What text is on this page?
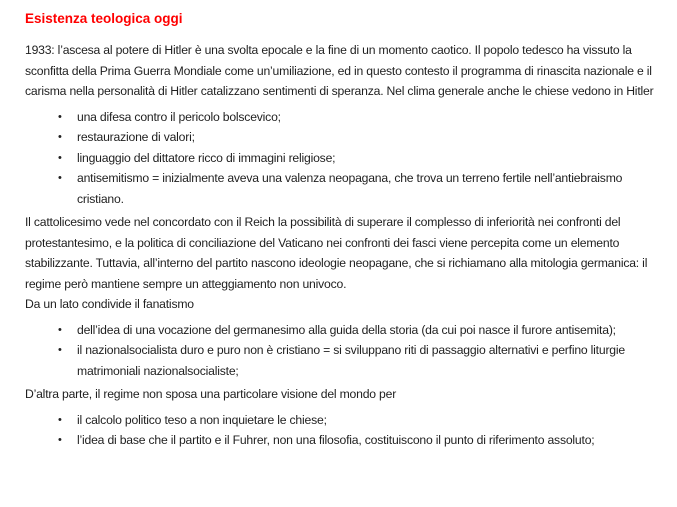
Esistenza teologica oggi

1933: l’ascesa al potere di Hitler è una svolta epocale e la fine di un momento caotico. Il popolo tedesco ha vissuto la sconfitta della Prima Guerra Mondiale come un’umiliazione, ed in questo contesto il programma di rinascita nazionale e il carisma nella personalità di Hitler catalizzano sentimenti di speranza. Nel clima generale anche le chiese vedono in Hitler

• una difesa contro il pericolo bolscevico;
• restaurazione di valori;
• linguaggio del dittatore ricco di immagini religiose;
• antisemitismo = inizialmente aveva una valenza neopagana, che trova un terreno fertile nell’antiebraismo cristiano.

Il cattolicesimo vede nel concordato con il Reich la possibilità di superare il complesso di inferiorità nei confronti del protestantesimo, e la politica di conciliazione del Vaticano nei confronti dei fasci viene percepita come un elemento stabilizzante. Tuttavia, all’interno del partito nascono ideologie neopagane, che si richiamano alla mitologia germanica: il regime però mantiene sempre un atteggiamento non univoco.

Da un lato condivide il fanatismo

• dell’idea di una vocazione del germanesimo alla guida della storia (da cui poi nasce il furore antisemita);
• il nazionalsocialista duro e puro non è cristiano = si sviluppano riti di passaggio alternativi e perfino liturgie matrimoniali nazionalsocialiste;

D’altra parte, il regime non sposa una particolare visione del mondo per

• il calcolo politico teso a non inquietare le chiese;
• l’idea di base che il partito e il Fuhrer, non una filosofia, costituiscono il punto di riferimento assoluto;
